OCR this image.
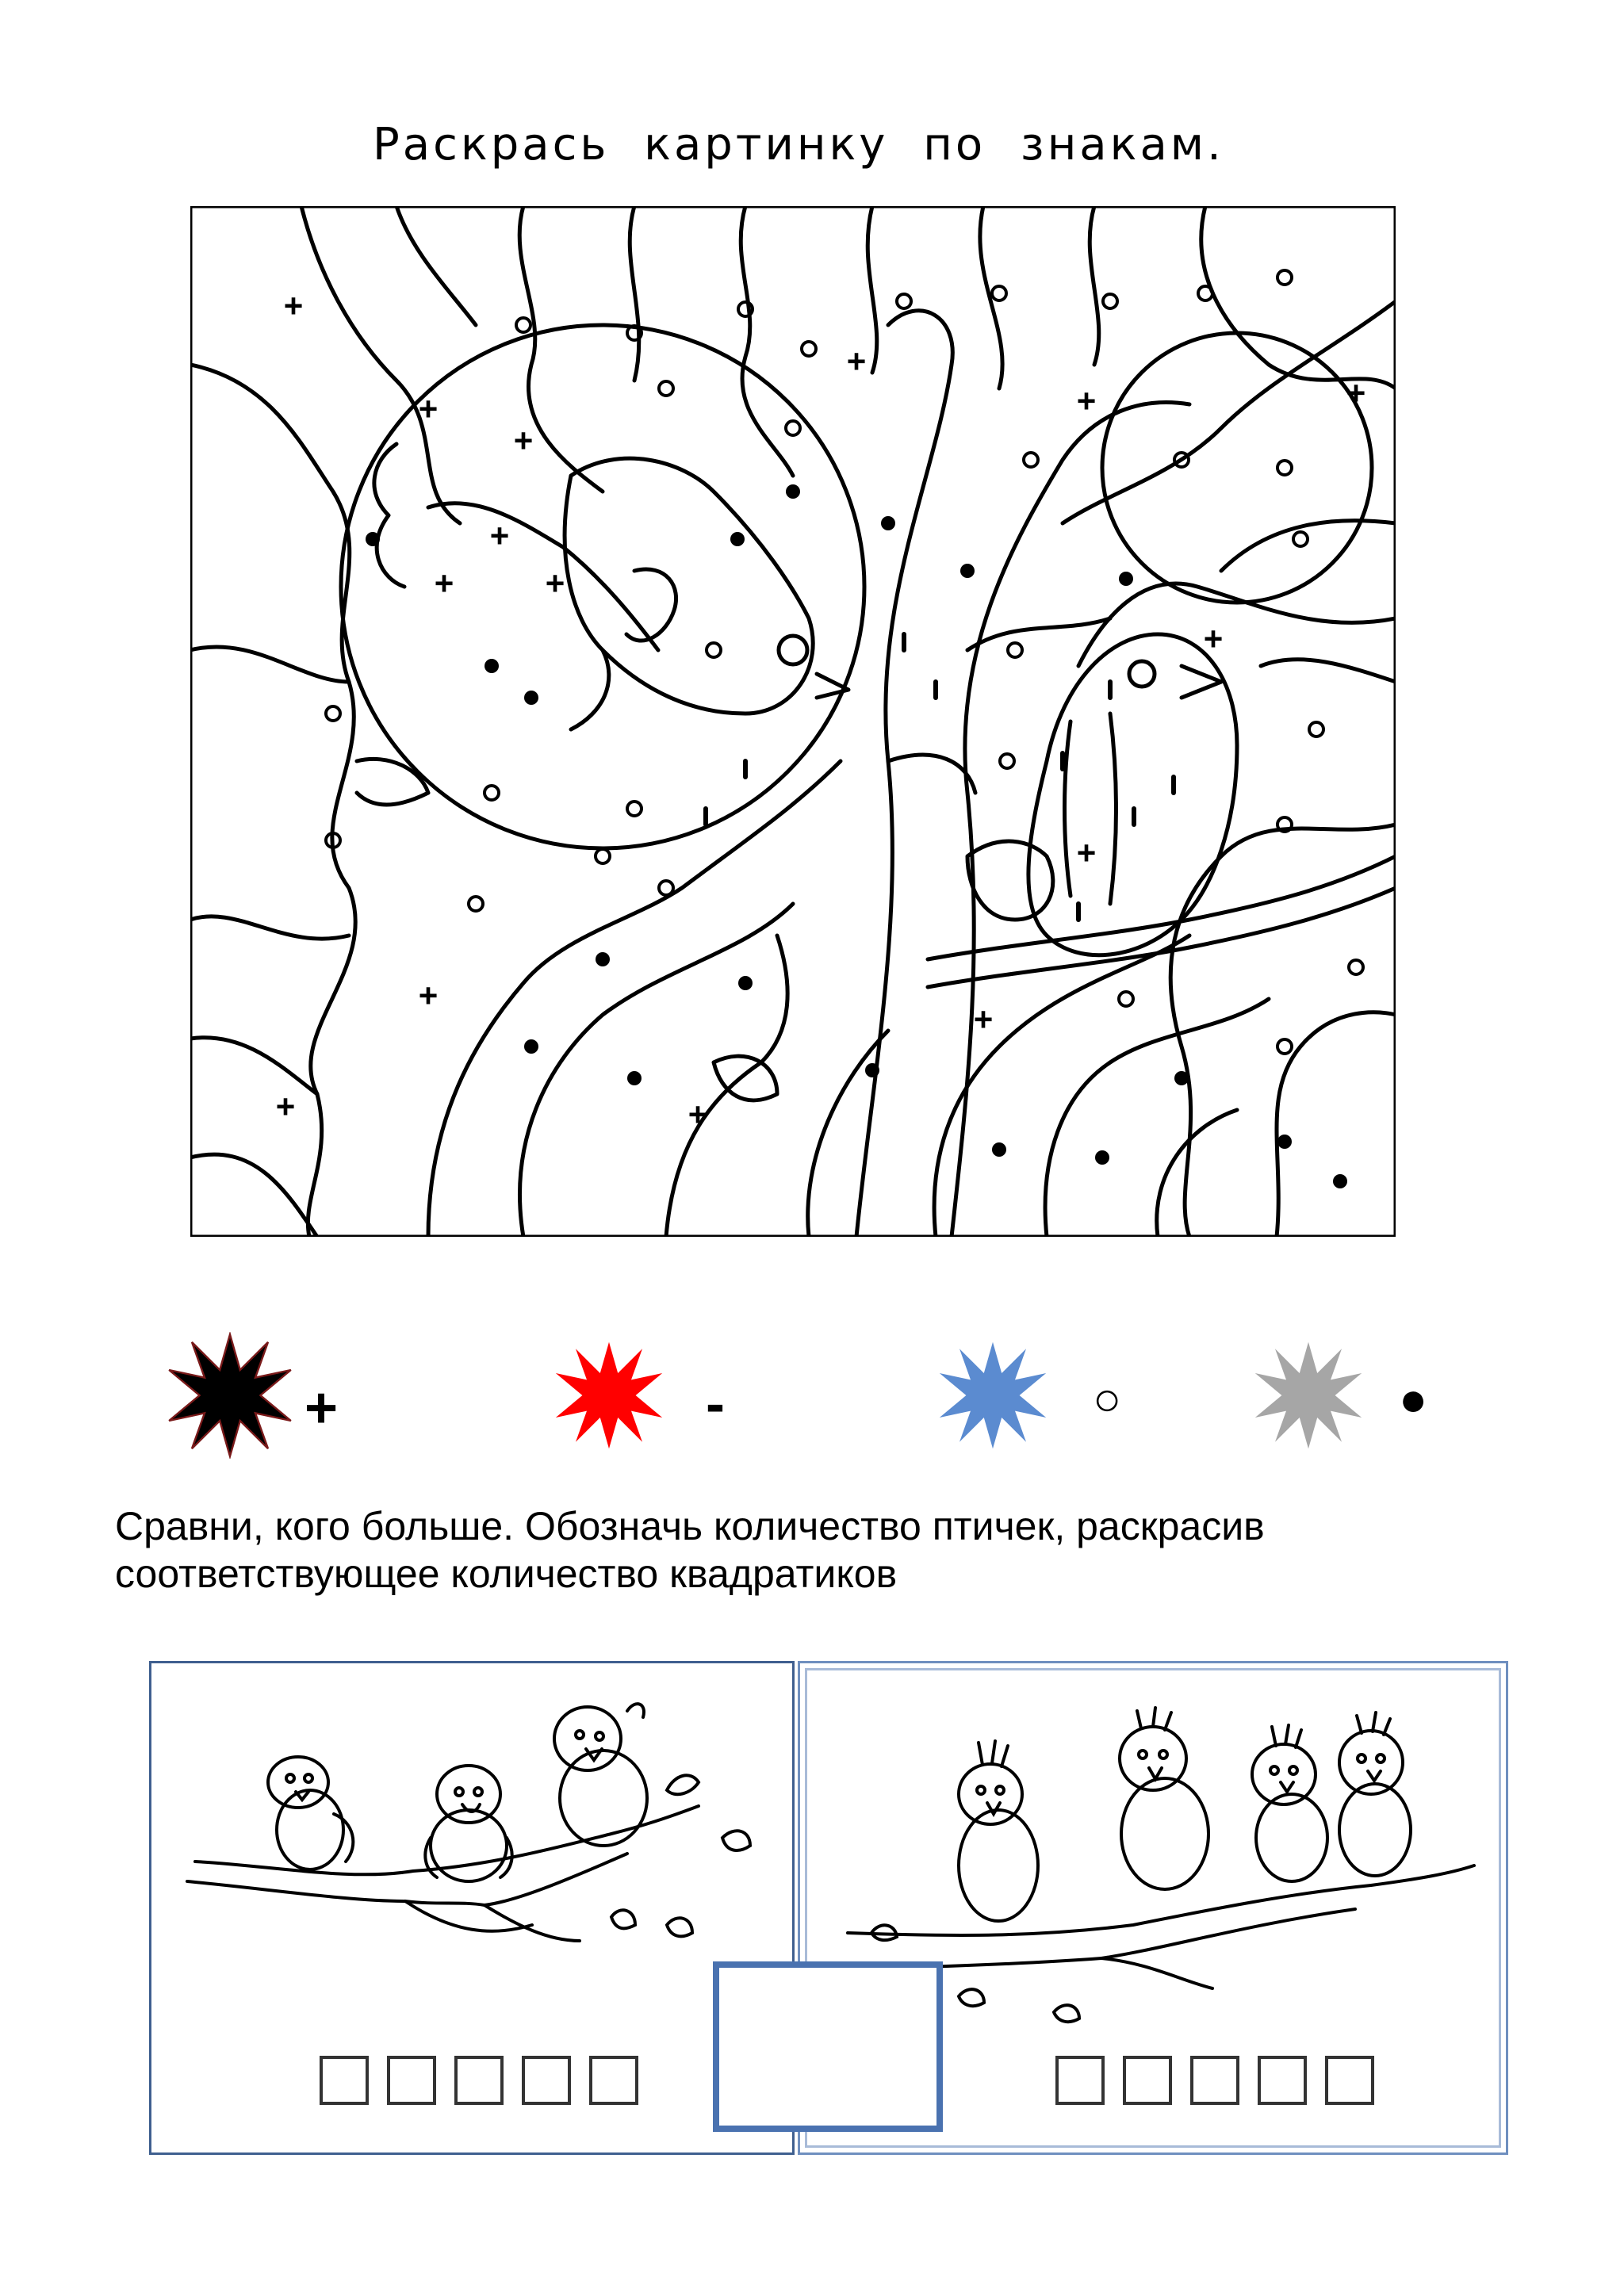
Раскрась картинку по знакам.
+
+
+
+
+
+
+	+
+
+	+
+
+
+
+
+	-	○	●
Сравни, кого больше. Обозначь количество птичек, раскрасив соответствующее количество квадратиков
